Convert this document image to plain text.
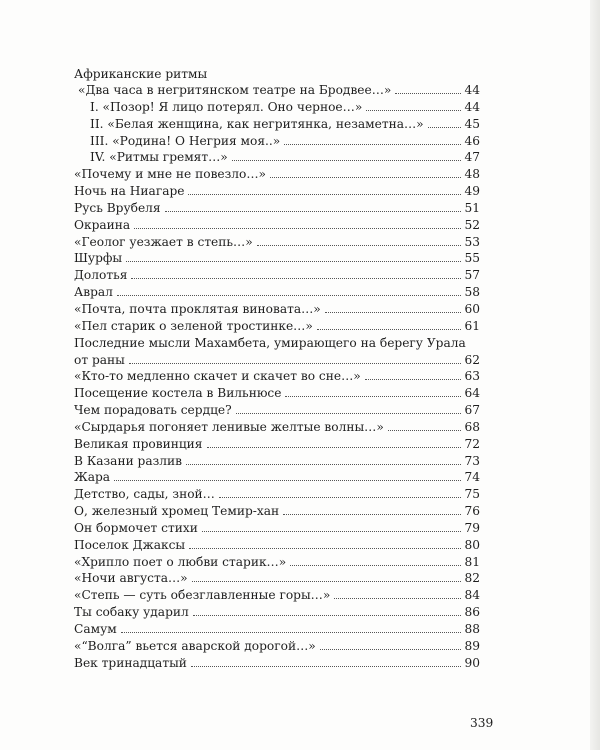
Африканские ритмы
«Два часа в негритянском театре на Бродвее…»	44
I. «Позор! Я лицо потерял. Оно черное…»	44
II. «Белая женщина, как негритянка, незаметна…»	45
III. «Родина! О Негрия моя..»	46
IV. «Ритмы гремят…»	47
«Почему и мне не повезло…»	48
Ночь на Ниагаре	49
Русь Врубеля	51
Окраина	52
«Геолог уезжает в степь…»	53
Шурфы	55
Долотья	57
Аврал	58
«Почта, почта проклятая виновата…»	60
«Пел старик о зеленой тростинке…»	61
Последние мысли Махамбета, умирающего на берегу Урала
от раны	62
«Кто-то медленно скачет и скачет во сне…»	63
Посещение костела в Вильнюсе	64
Чем порадовать сердце?	67
«Сырдарья погоняет ленивые желтые волны…»	68
Великая провинция	72
В Казани разлив	73
Жара	74
Детство, сады, зной…	75
О, железный хромец Темир-хан	76
Он бормочет стихи	79
Поселок Джаксы	80
«Хрипло поет о любви старик…»	81
«Ночи августа…»	82
«Степь — суть обезглавленные горы…»	84
Ты собаку ударил	86
Самум	88
«“Волга” вьется аварской дорогой…»	89
Век тринадцатый	90
339
